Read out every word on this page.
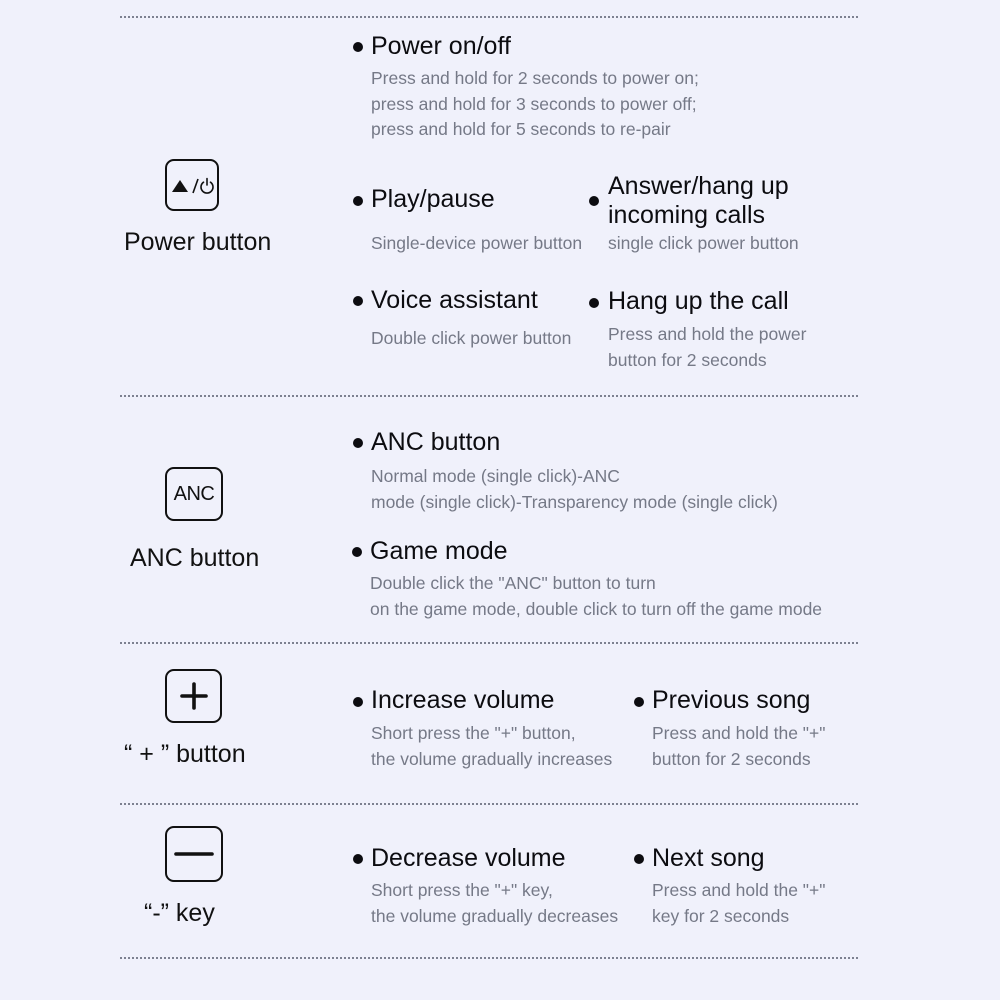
Power button
Power on/off
Press and hold for 2 seconds to power on;
press and hold for 3 seconds to power off;
press and hold for 5 seconds to re-pair
Play/pause
Single-device power button
Answer/hang up incoming calls
single click power button
Voice assistant
Double click power button
Hang up the call
Press and hold the power
button for 2 seconds
ANC
ANC button
ANC button
Normal mode (single click)-ANC
mode (single click)-Transparency mode (single click)
Game mode
Double click the "ANC" button to turn
on the game mode, double click to turn off the game mode
“ + ” button
Increase volume
Short press the "+" button,
the volume gradually increases
Previous song
Press and hold the "+"
button for 2 seconds
“-” key
Decrease volume
Short press the "+" key,
the volume gradually decreases
Next song
Press and hold the "+"
key for 2 seconds
